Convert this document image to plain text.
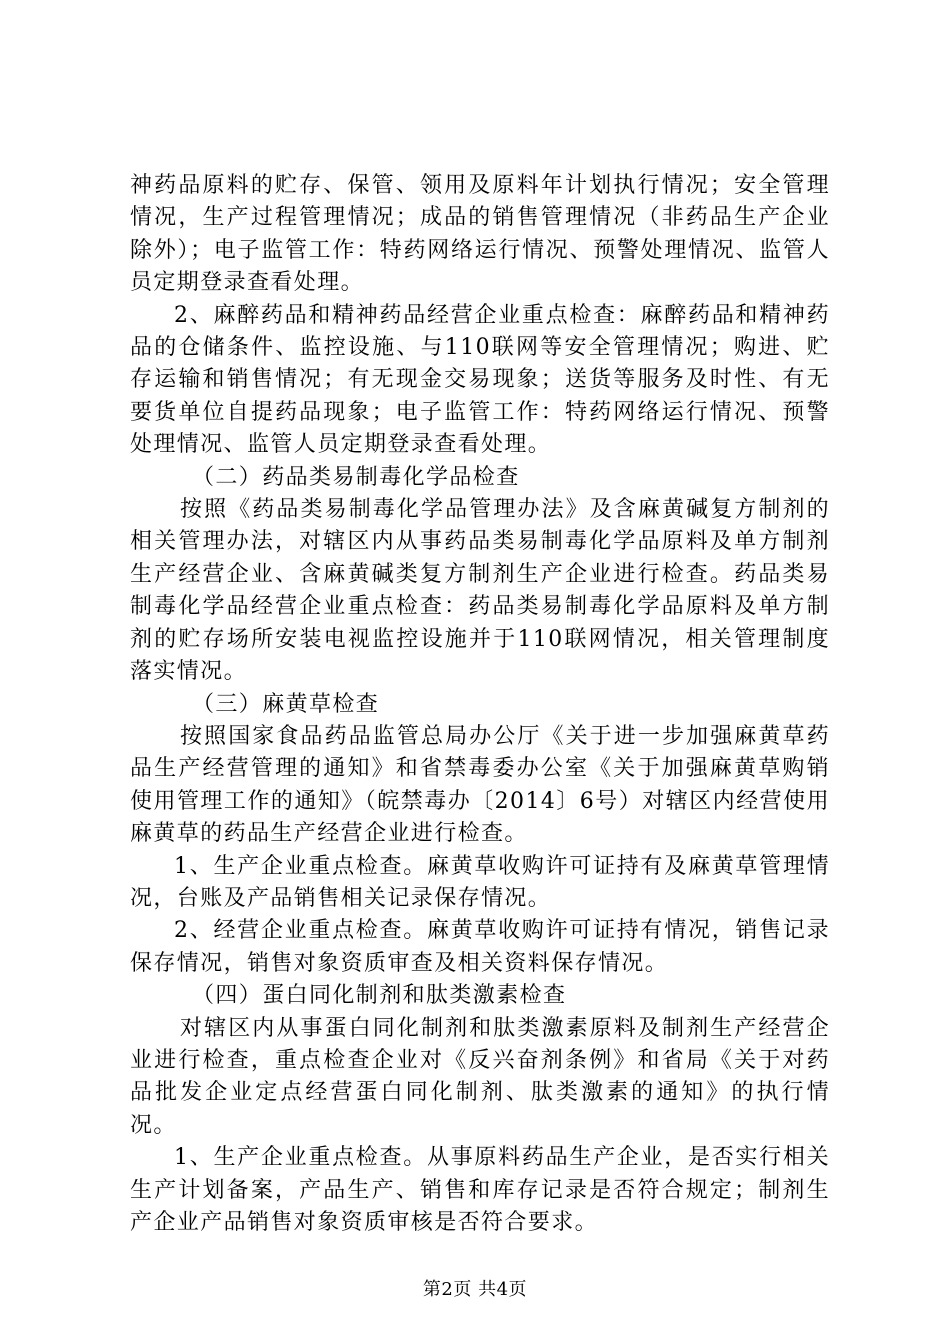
神药品原料的贮存、保管、领用及原料年计划执行情况；安全管理情况，生产过程管理情况；成品的销售管理情况（非药品生产企业除外）；电子监管工作：特药网络运行情况、预警处理情况、监管人员定期登录查看处理。

2、麻醉药品和精神药品经营企业重点检查：麻醉药品和精神药品的仓储条件、监控设施、与110联网等安全管理情况；购进、贮存运输和销售情况；有无现金交易现象；送货等服务及时性、有无要货单位自提药品现象；电子监管工作：特药网络运行情况、预警处理情况、监管人员定期登录查看处理。

（二）药品类易制毒化学品检查

按照《药品类易制毒化学品管理办法》及含麻黄碱复方制剂的相关管理办法，对辖区内从事药品类易制毒化学品原料及单方制剂生产经营企业、含麻黄碱类复方制剂生产企业进行检查。药品类易制毒化学品经营企业重点检查：药品类易制毒化学品原料及单方制剂的贮存场所安装电视监控设施并于110联网情况，相关管理制度落实情况。

（三）麻黄草检查

按照国家食品药品监管总局办公厅《关于进一步加强麻黄草药品生产经营管理的通知》和省禁毒委办公室《关于加强麻黄草购销使用管理工作的通知》（皖禁毒办〔2014〕6号）对辖区内经营使用麻黄草的药品生产经营企业进行检查。

1、生产企业重点检查。麻黄草收购许可证持有及麻黄草管理情况，台账及产品销售相关记录保存情况。

2、经营企业重点检查。麻黄草收购许可证持有情况，销售记录保存情况，销售对象资质审查及相关资料保存情况。

（四）蛋白同化制剂和肽类激素检查

对辖区内从事蛋白同化制剂和肽类激素原料及制剂生产经营企业进行检查，重点检查企业对《反兴奋剂条例》和省局《关于对药品批发企业定点经营蛋白同化制剂、肽类激素的通知》的执行情况。

1、生产企业重点检查。从事原料药品生产企业，是否实行相关生产计划备案，产品生产、销售和库存记录是否符合规定；制剂生产企业产品销售对象资质审核是否符合要求。

第2页 共4页
